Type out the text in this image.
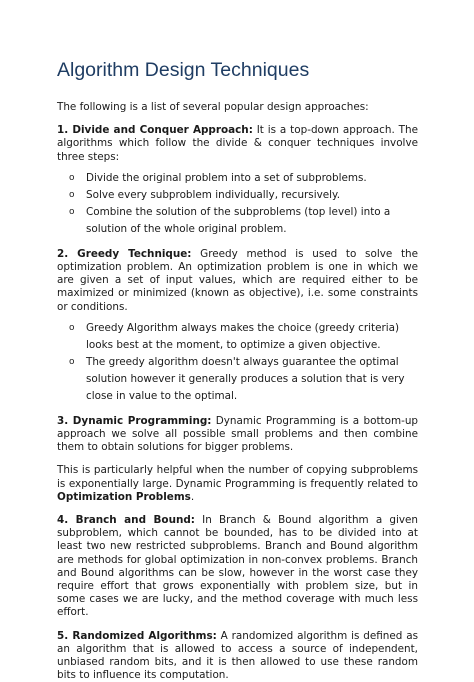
Algorithm Design Techniques

The following is a list of several popular design approaches:

1. Divide and Conquer Approach: It is a top-down approach. The algorithms which follow the divide & conquer techniques involve three steps:

o Divide the original problem into a set of subproblems.
o Solve every subproblem individually, recursively.
o Combine the solution of the subproblems (top level) into a solution of the whole original problem.

2. Greedy Technique: Greedy method is used to solve the optimization problem. An optimization problem is one in which we are given a set of input values, which are required either to be maximized or minimized (known as objective), i.e. some constraints or conditions.

o Greedy Algorithm always makes the choice (greedy criteria) looks best at the moment, to optimize a given objective.
o The greedy algorithm doesn't always guarantee the optimal solution however it generally produces a solution that is very close in value to the optimal.

3. Dynamic Programming: Dynamic Programming is a bottom-up approach we solve all possible small problems and then combine them to obtain solutions for bigger problems.

This is particularly helpful when the number of copying subproblems is exponentially large. Dynamic Programming is frequently related to Optimization Problems.

4. Branch and Bound: In Branch & Bound algorithm a given subproblem, which cannot be bounded, has to be divided into at least two new restricted subproblems. Branch and Bound algorithm are methods for global optimization in non-convex problems. Branch and Bound algorithms can be slow, however in the worst case they require effort that grows exponentially with problem size, but in some cases we are lucky, and the method coverage with much less effort.

5. Randomized Algorithms: A randomized algorithm is defined as an algorithm that is allowed to access a source of independent, unbiased random bits, and it is then allowed to use these random bits to influence its computation.
